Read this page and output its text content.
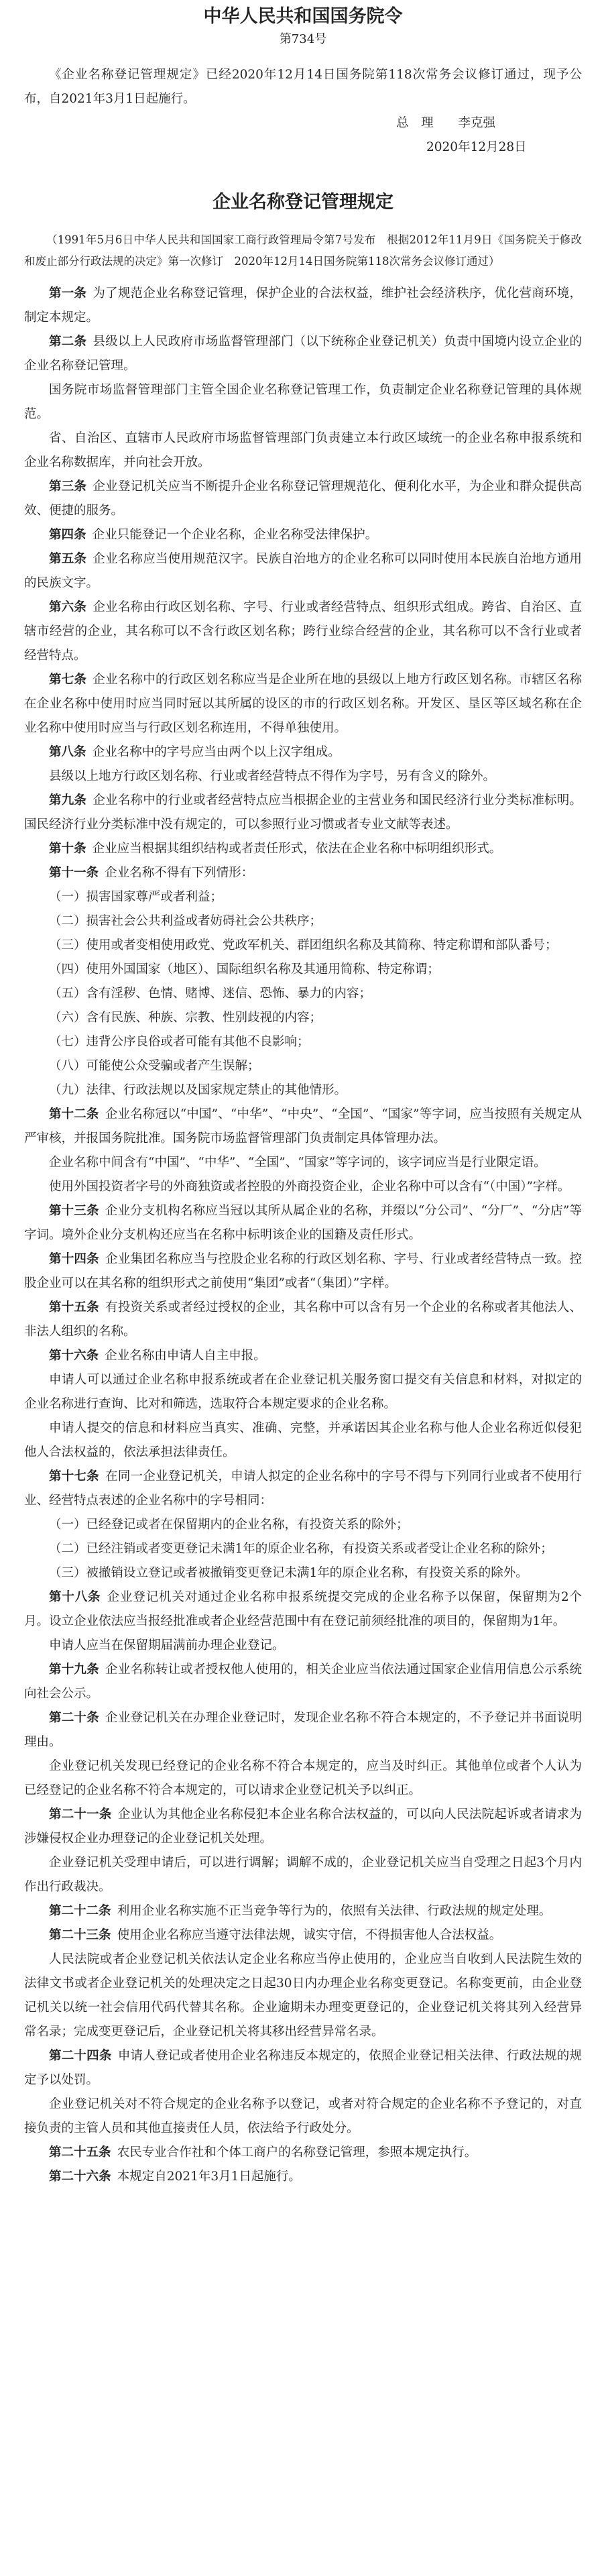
中华人民共和国国务院令
第734号

《企业名称登记管理规定》已经2020年12月14日国务院第118次常务会议修订通过，现予公布，自2021年3月1日起施行。

总　理　　 李克强
2020年12月28日
企业名称登记管理规定

（1991年5月6日中华人民共和国国家工商行政管理局令第7号发布　根据2012年11月9日《国务院关于修改和废止部分行政法规的决定》第一次修订　2020年12月14日国务院第118次常务会议修订通过）

第一条 为了规范企业名称登记管理，保护企业的合法权益，维护社会经济秩序，优化营商环境，制定本规定。

第二条 县级以上人民政府市场监督管理部门（以下统称企业登记机关）负责中国境内设立企业的企业名称登记管理。

国务院市场监督管理部门主管全国企业名称登记管理工作，负责制定企业名称登记管理的具体规范。

省、自治区、直辖市人民政府市场监督管理部门负责建立本行政区域统一的企业名称申报系统和企业名称数据库，并向社会开放。

第三条 企业登记机关应当不断提升企业名称登记管理规范化、便利化水平，为企业和群众提供高效、便捷的服务。

第四条 企业只能登记一个企业名称，企业名称受法律保护。

第五条 企业名称应当使用规范汉字。民族自治地方的企业名称可以同时使用本民族自治地方通用的民族文字。

第六条 企业名称由行政区划名称、字号、行业或者经营特点、组织形式组成。跨省、自治区、直辖市经营的企业，其名称可以不含行政区划名称；跨行业综合经营的企业，其名称可以不含行业或者经营特点。

第七条 企业名称中的行政区划名称应当是企业所在地的县级以上地方行政区划名称。市辖区名称在企业名称中使用时应当同时冠以其所属的设区的市的行政区划名称。开发区、垦区等区域名称在企业名称中使用时应当与行政区划名称连用，不得单独使用。

第八条 企业名称中的字号应当由两个以上汉字组成。

县级以上地方行政区划名称、行业或者经营特点不得作为字号，另有含义的除外。

第九条 企业名称中的行业或者经营特点应当根据企业的主营业务和国民经济行业分类标准标明。国民经济行业分类标准中没有规定的，可以参照行业习惯或者专业文献等表述。

第十条 企业应当根据其组织结构或者责任形式，依法在企业名称中标明组织形式。

第十一条 企业名称不得有下列情形：

（一）损害国家尊严或者利益；

（二）损害社会公共利益或者妨碍社会公共秩序；

（三）使用或者变相使用政党、党政军机关、群团组织名称及其简称、特定称谓和部队番号；

（四）使用外国国家（地区）、国际组织名称及其通用简称、特定称谓；

（五）含有淫秽、色情、赌博、迷信、恐怖、暴力的内容；

（六）含有民族、种族、宗教、性别歧视的内容；

（七）违背公序良俗或者可能有其他不良影响；

（八）可能使公众受骗或者产生误解；

（九）法律、行政法规以及国家规定禁止的其他情形。

第十二条 企业名称冠以“中国”、“中华”、“中央”、“全国”、“国家”等字词，应当按照有关规定从严审核，并报国务院批准。国务院市场监督管理部门负责制定具体管理办法。

企业名称中间含有“中国”、“中华”、“全国”、“国家”等字词的，该字词应当是行业限定语。

使用外国投资者字号的外商独资或者控股的外商投资企业，企业名称中可以含有“（中国）”字样。

第十三条 企业分支机构名称应当冠以其所从属企业的名称，并缀以“分公司”、“分厂”、“分店”等字词。境外企业分支机构还应当在名称中标明该企业的国籍及责任形式。

第十四条 企业集团名称应当与控股企业名称的行政区划名称、字号、行业或者经营特点一致。控股企业可以在其名称的组织形式之前使用“集团”或者“（集团）”字样。

第十五条 有投资关系或者经过授权的企业，其名称中可以含有另一个企业的名称或者其他法人、非法人组织的名称。

第十六条 企业名称由申请人自主申报。

申请人可以通过企业名称申报系统或者在企业登记机关服务窗口提交有关信息和材料，对拟定的企业名称进行查询、比对和筛选，选取符合本规定要求的企业名称。

申请人提交的信息和材料应当真实、准确、完整，并承诺因其企业名称与他人企业名称近似侵犯他人合法权益的，依法承担法律责任。

第十七条 在同一企业登记机关，申请人拟定的企业名称中的字号不得与下列同行业或者不使用行业、经营特点表述的企业名称中的字号相同：

（一）已经登记或者在保留期内的企业名称，有投资关系的除外；

（二）已经注销或者变更登记未满1年的原企业名称，有投资关系或者受让企业名称的除外；

（三）被撤销设立登记或者被撤销变更登记未满1年的原企业名称，有投资关系的除外。

第十八条 企业登记机关对通过企业名称申报系统提交完成的企业名称予以保留，保留期为2个月。设立企业依法应当报经批准或者企业经营范围中有在登记前须经批准的项目的，保留期为1年。

申请人应当在保留期届满前办理企业登记。

第十九条 企业名称转让或者授权他人使用的，相关企业应当依法通过国家企业信用信息公示系统向社会公示。

第二十条 企业登记机关在办理企业登记时，发现企业名称不符合本规定的，不予登记并书面说明理由。

企业登记机关发现已经登记的企业名称不符合本规定的，应当及时纠正。其他单位或者个人认为已经登记的企业名称不符合本规定的，可以请求企业登记机关予以纠正。

第二十一条 企业认为其他企业名称侵犯本企业名称合法权益的，可以向人民法院起诉或者请求为涉嫌侵权企业办理登记的企业登记机关处理。

企业登记机关受理申请后，可以进行调解；调解不成的，企业登记机关应当自受理之日起3个月内作出行政裁决。

第二十二条 利用企业名称实施不正当竞争等行为的，依照有关法律、行政法规的规定处理。

第二十三条 使用企业名称应当遵守法律法规，诚实守信，不得损害他人合法权益。

人民法院或者企业登记机关依法认定企业名称应当停止使用的，企业应当自收到人民法院生效的法律文书或者企业登记机关的处理决定之日起30日内办理企业名称变更登记。名称变更前，由企业登记机关以统一社会信用代码代替其名称。企业逾期未办理变更登记的，企业登记机关将其列入经营异常名录；完成变更登记后，企业登记机关将其移出经营异常名录。

第二十四条 申请人登记或者使用企业名称违反本规定的，依照企业登记相关法律、行政法规的规定予以处罚。

企业登记机关对不符合规定的企业名称予以登记，或者对符合规定的企业名称不予登记的，对直接负责的主管人员和其他直接责任人员，依法给予行政处分。

第二十五条 农民专业合作社和个体工商户的名称登记管理，参照本规定执行。

第二十六条 本规定自2021年3月1日起施行。
